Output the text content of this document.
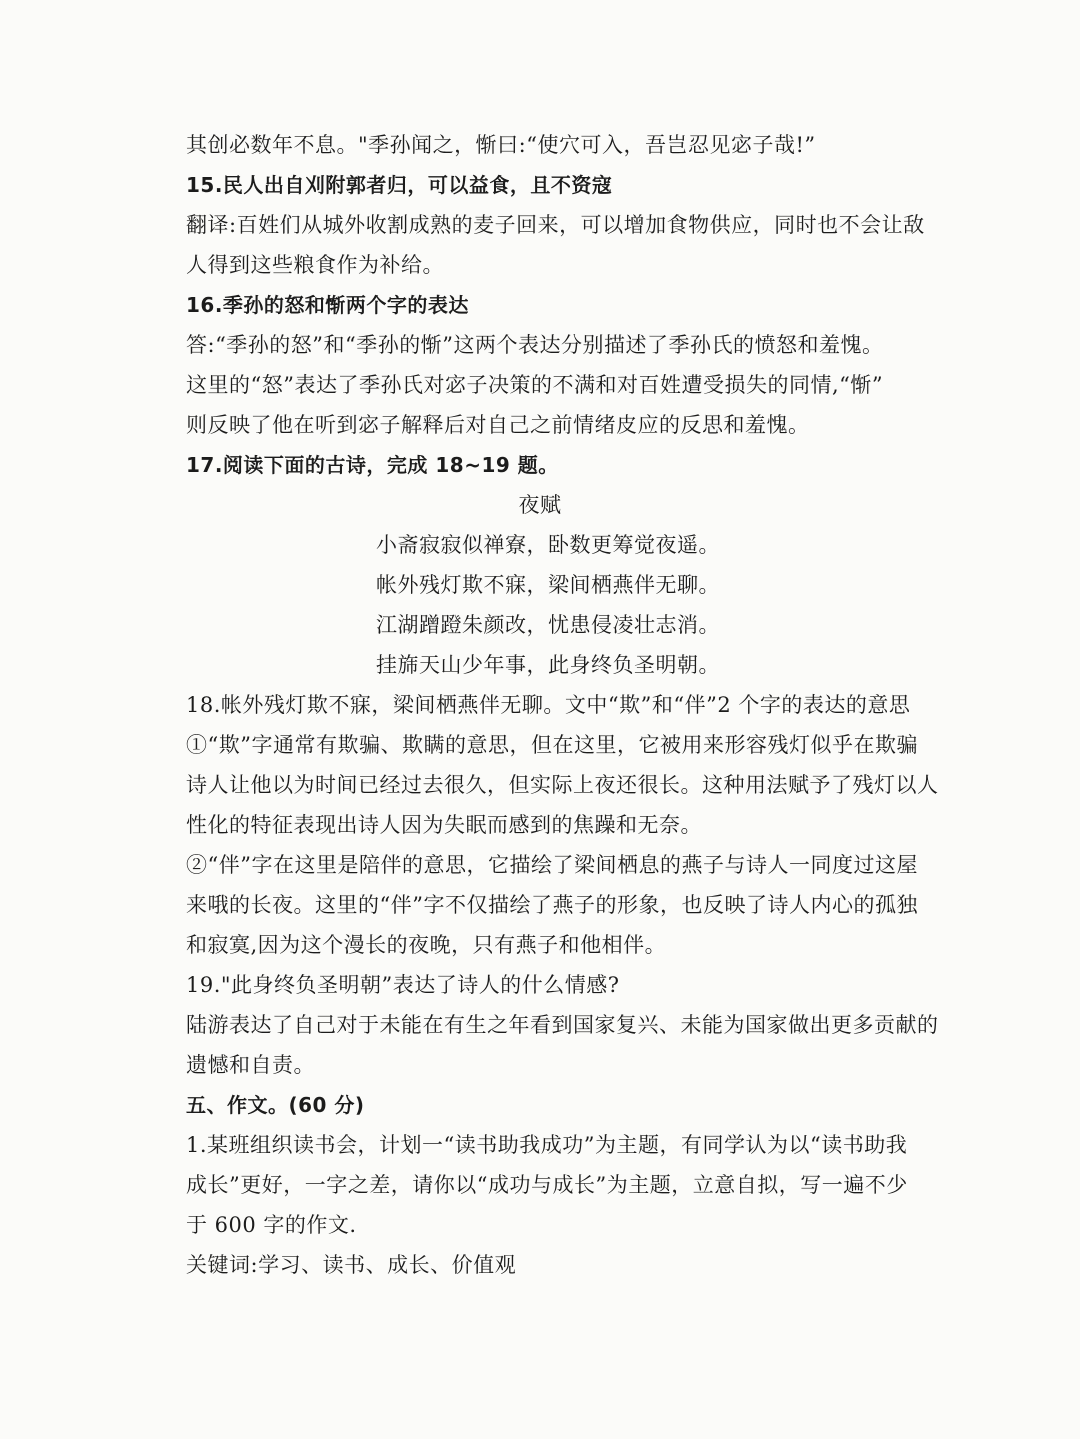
其创必数年不息。"季孙闻之，惭曰:“使穴可入，吾岂忍见宓子哉!”
15.民人出自刈附郭者归，可以益食，且不资寇
翻译:百姓们从城外收割成熟的麦子回来，可以增加食物供应，同时也不会让敌
人得到这些粮食作为补给。
16.季孙的怒和惭两个字的表达
答:“季孙的怒”和“季孙的惭”这两个表达分别描述了季孙氏的愤怒和羞愧。
这里的“怒”表达了季孙氏对宓子决策的不满和对百姓遭受损失的同情,“惭”
则反映了他在听到宓子解释后对自己之前情绪皮应的反思和羞愧。
17.阅读下面的古诗，完成 18~19 题。
夜赋
小斋寂寂似禅寮，卧数更筹觉夜遥。
帐外残灯欺不寐，梁间栖燕伴无聊。
江湖蹭蹬朱颜改，忧患侵凌壮志消。
挂旆天山少年事，此身终负圣明朝。
18.帐外残灯欺不寐，梁间栖燕伴无聊。文中“欺”和“伴”2 个字的表达的意思
①“欺”字通常有欺骗、欺瞒的意思，但在这里，它被用来形容残灯似乎在欺骗
诗人让他以为时间已经过去很久，但实际上夜还很长。这种用法赋予了残灯以人
性化的特征表现出诗人因为失眠而感到的焦躁和无奈。
②“伴”字在这里是陪伴的意思，它描绘了梁间栖息的燕子与诗人一同度过这屋
来哦的长夜。这里的“伴”字不仅描绘了燕子的形象，也反映了诗人内心的孤独
和寂寞,因为这个漫长的夜晚，只有燕子和他相伴。
19."此身终负圣明朝”表达了诗人的什么情感?
陆游表达了自己对于未能在有生之年看到国家复兴、未能为国家做出更多贡献的
遗憾和自责。
五、作文。(60 分)
1.某班组织读书会，计划一“读书助我成功”为主题，有同学认为以“读书助我
成长”更好，一字之差，请你以“成功与成长”为主题，立意自拟，写一遍不少
于 600 字的作文.
关键词:学习、读书、成长、价值观
